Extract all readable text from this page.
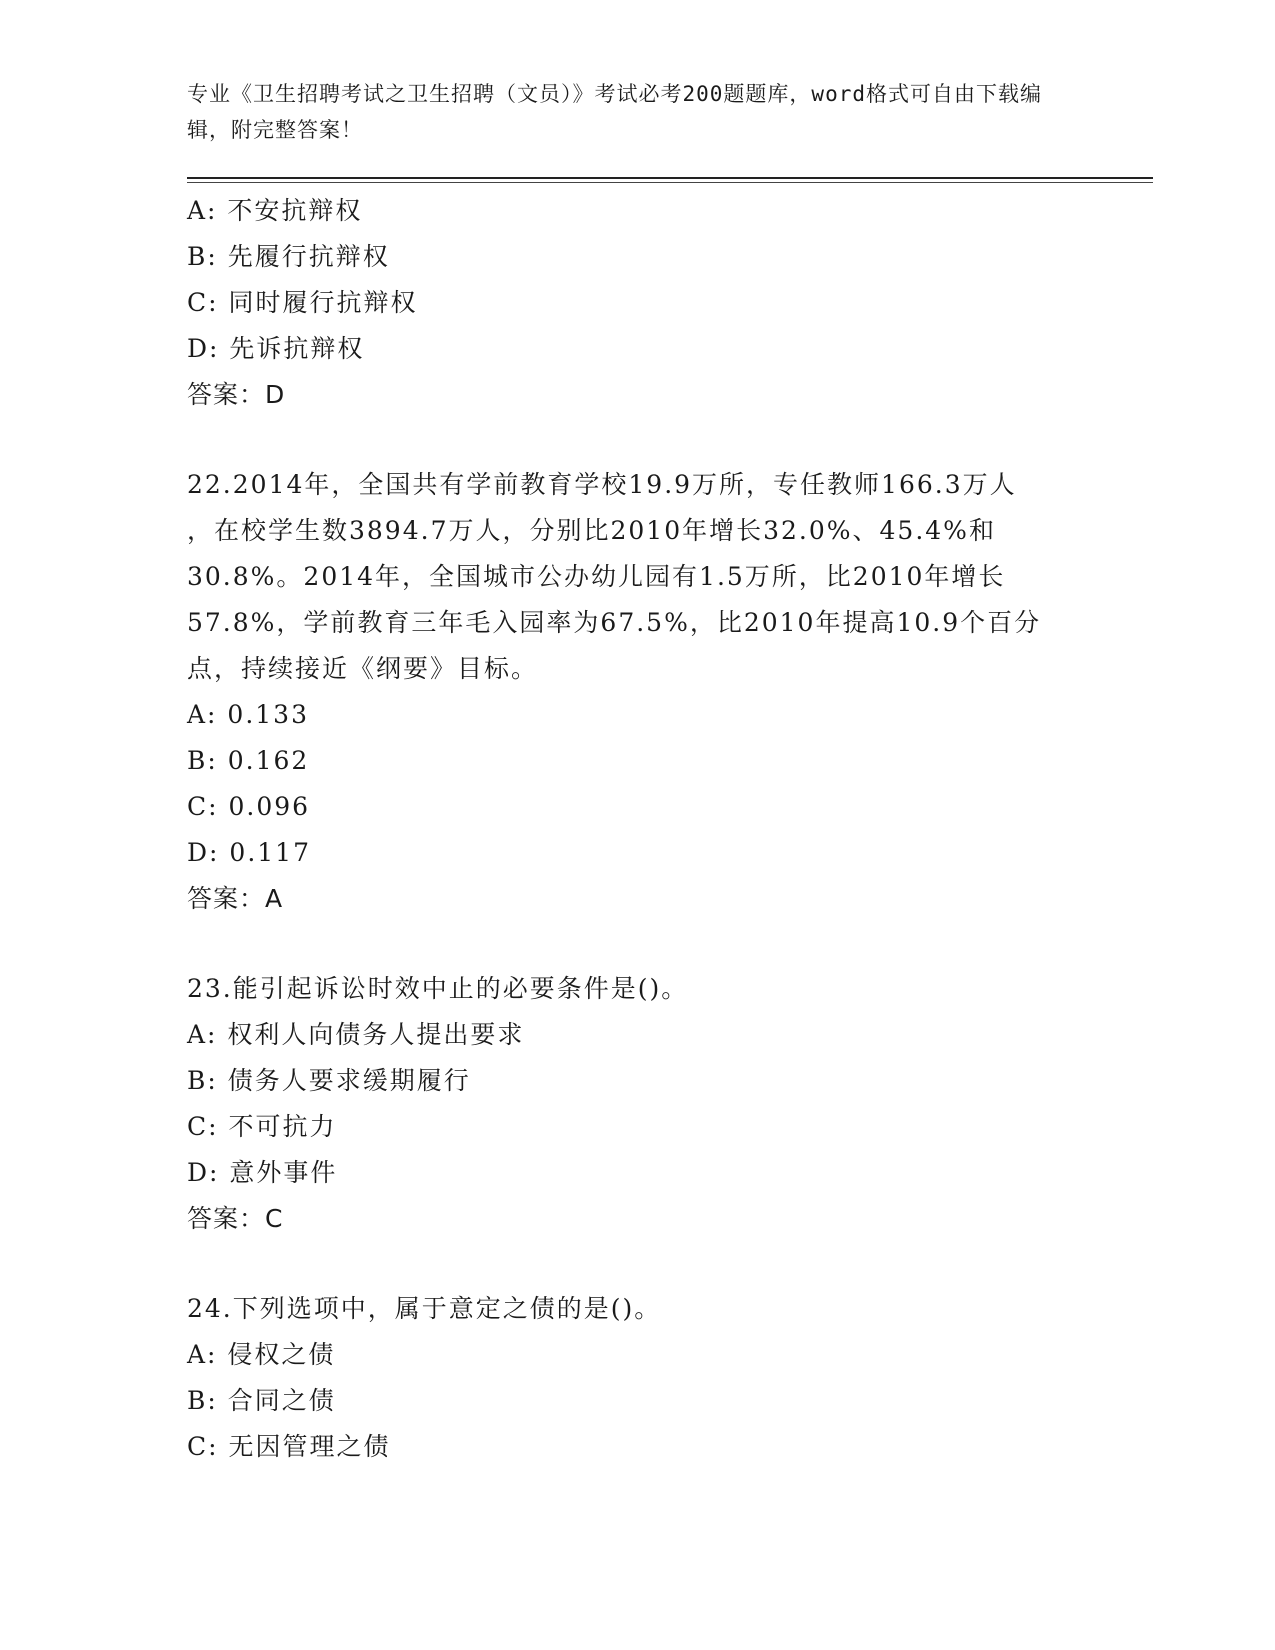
专业《卫生招聘考试之卫生招聘（文员）》考试必考200题题库，word格式可自由下载编辑，附完整答案！
A: 不安抗辩权
B: 先履行抗辩权
C: 同时履行抗辩权
D: 先诉抗辩权
答案：D
22.2014年，全国共有学前教育学校19.9万所，专任教师166.3万人
，在校学生数3894.7万人，分别比2010年增长32.0%、45.4%和
30.8%。2014年，全国城市公办幼儿园有1.5万所，比2010年增长
57.8%，学前教育三年毛入园率为67.5%，比2010年提高10.9个百分
点，持续接近《纲要》目标。
A: 0.133
B: 0.162
C: 0.096
D: 0.117
答案：A
23.能引起诉讼时效中止的必要条件是()。
A: 权利人向债务人提出要求
B: 债务人要求缓期履行
C: 不可抗力
D: 意外事件
答案：C
24.下列选项中，属于意定之债的是()。
A: 侵权之债
B: 合同之债
C: 无因管理之债
